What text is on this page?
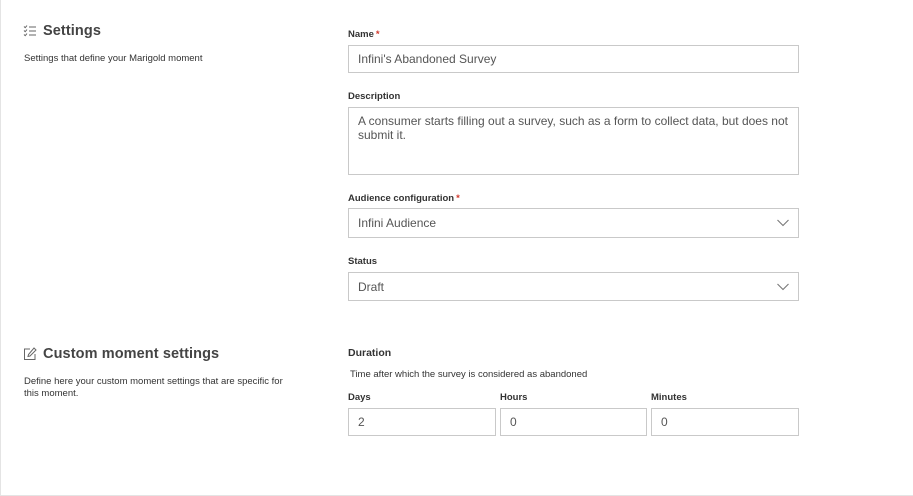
Settings
Settings that define your Marigold moment
Name *
Infini's Abandoned Survey
Description
A consumer starts filling out a survey, such as a form to collect data, but does not submit it.
Audience configuration *
Infini Audience
Status
Draft
Custom moment settings
Define here your custom moment settings that are specific for this moment.
Duration
Time after which the survey is considered as abandoned
Days
2
Hours
0
Minutes
0
